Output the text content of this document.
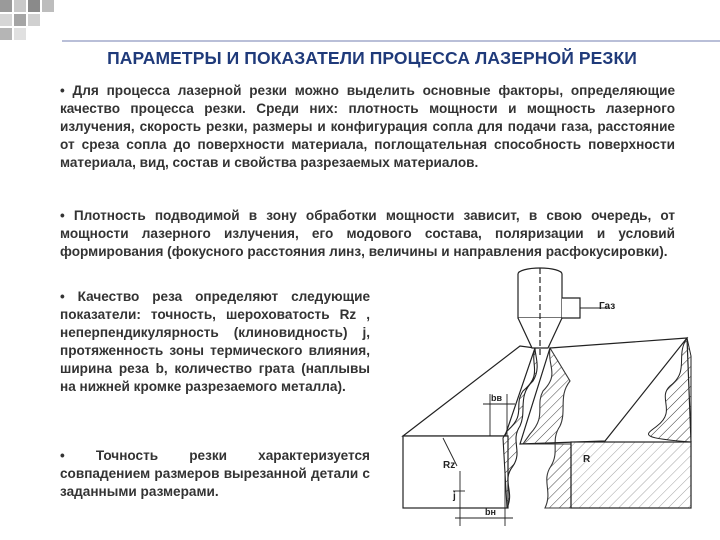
ПАРАМЕТРЫ И ПОКАЗАТЕЛИ ПРОЦЕССА ЛАЗЕРНОЙ РЕЗКИ
• Для процесса лазерной резки можно выделить основные факторы, определяющие качество процесса резки. Среди них: плотность мощности и мощность лазерного излучения, скорость резки, размеры и конфигурация сопла для подачи газа, расстояние от среза сопла до поверхности материала, поглощательная способность поверхности материала, вид, состав и свойства разрезаемых материалов.
• Плотность подводимой в зону обработки мощности зависит, в свою очередь, от мощности лазерного излучения, его модового состава, поляризации и условий формирования (фокусного расстояния линз, величины и направления расфокусировки).
• Качество реза определяют следующие показатели: точность, шероховатость Rz , неперпендикулярность (клиновидность) j, протяженность зоны термического влияния, ширина реза b, количество грата (наплывы на нижней кромке разрезаемого металла).
• Точность резки характеризуется совпадением размеров вырезанной детали с заданными размерами.
Газ
bв
bн
Rz
j
R
